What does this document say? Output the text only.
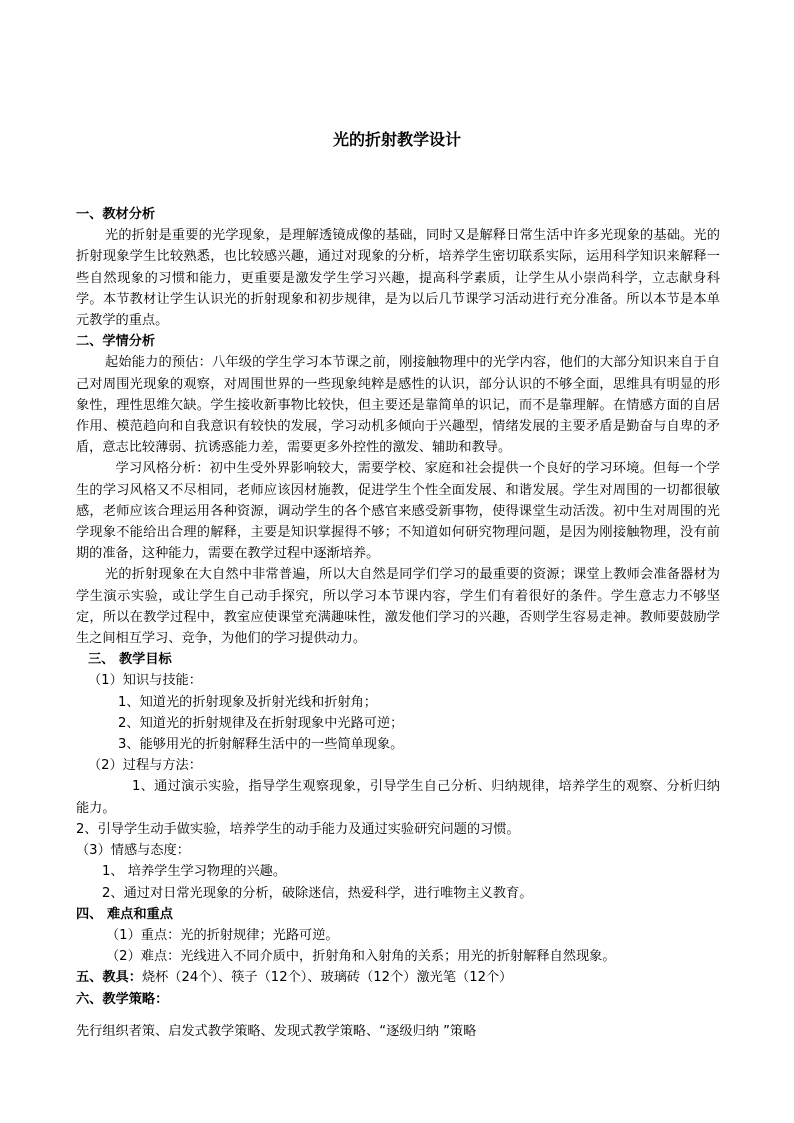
光的折射教学设计

一、教材分析

光的折射是重要的光学现象，是理解透镜成像的基础，同时又是解释日常生活中许多光现象的基础。光的折射现象学生比较熟悉，也比较感兴趣，通过对现象的分析，培养学生密切联系实际，运用科学知识来解释一些自然现象的习惯和能力，更重要是激发学生学习兴趣，提高科学素质，让学生从小崇尚科学，立志献身科学。本节教材让学生认识光的折射现象和初步规律，是为以后几节课学习活动进行充分准备。所以本节是本单元教学的重点。

二、学情分析

起始能力的预估：八年级的学生学习本节课之前，刚接触物理中的光学内容，他们的大部分知识来自于自己对周围光现象的观察，对周围世界的一些现象纯粹是感性的认识，部分认识的不够全面，思维具有明显的形象性，理性思维欠缺。学生接收新事物比较快，但主要还是靠简单的识记，而不是靠理解。在情感方面的自居作用、模范趋向和自我意识有较快的发展，学习动机多倾向于兴趣型，情绪发展的主要矛盾是勤奋与自卑的矛盾，意志比较薄弱、抗诱惑能力差，需要更多外控性的激发、辅助和教导。

学习风格分析：初中生受外界影响较大，需要学校、家庭和社会提供一个良好的学习环境。但每一个学生的学习风格又不尽相同，老师应该因材施教，促进学生个性全面发展、和谐发展。学生对周围的一切都很敏感，老师应该合理运用各种资源，调动学生的各个感官来感受新事物，使得课堂生动活泼。初中生对周围的光学现象不能给出合理的解释，主要是知识掌握得不够；不知道如何研究物理问题，是因为刚接触物理，没有前期的准备，这种能力，需要在教学过程中逐渐培养。

光的折射现象在大自然中非常普遍，所以大自然是同学们学习的最重要的资源；课堂上教师会准备器材为学生演示实验，或让学生自己动手探究，所以学习本节课内容，学生们有着很好的条件。学生意志力不够坚定，所以在教学过程中，教室应使课堂充满趣味性，激发他们学习的兴趣，否则学生容易走神。教师要鼓励学生之间相互学习、竞争，为他们的学习提供动力。

三、 教学目标

（1）知识与技能：

1、知道光的折射现象及折射光线和折射角；

2、知道光的折射规律及在折射现象中光路可逆；

3、能够用光的折射解释生活中的一些简单现象。

（2）过程与方法：

1、通过演示实验，指导学生观察现象，引导学生自己分析、归纳规律，培养学生的观察、分析归纳能力。

2、引导学生动手做实验，培养学生的动手能力及通过实验研究问题的习惯。

（3）情感与态度：

1、 培养学生学习物理的兴趣。

2、通过对日常光现象的分析，破除迷信，热爱科学，进行唯物主义教育。

四、 难点和重点

（1）重点：光的折射规律；光路可逆。

（2）难点：光线进入不同介质中，折射角和入射角的关系；用光的折射解释自然现象。

五、教具：烧杯（24个）、筷子（12个）、玻璃砖（12个）激光笔（12个）

六、教学策略：

先行组织者策、启发式教学策略、发现式教学策略、“逐级归纳 ”策略
